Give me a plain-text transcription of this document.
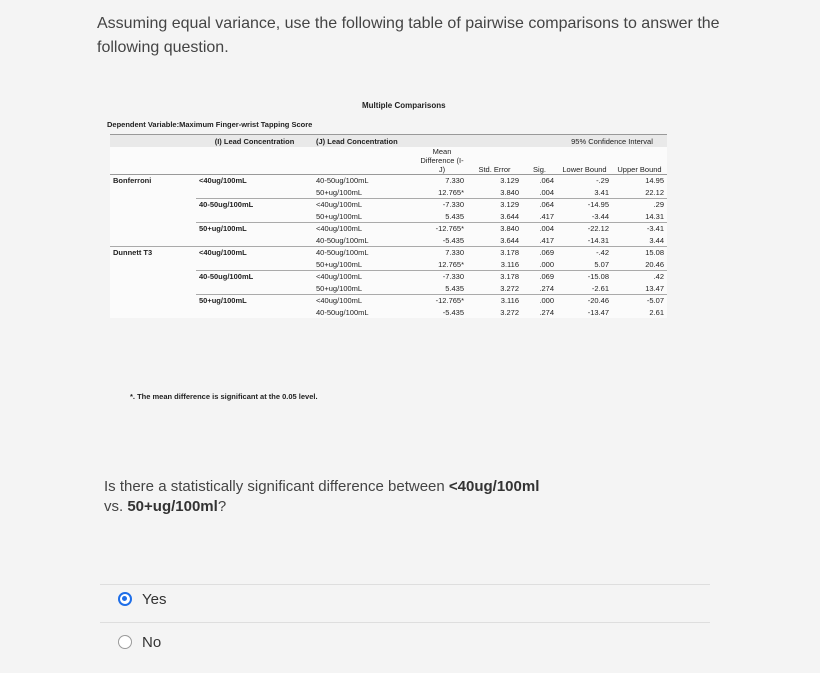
Assuming equal variance, use the following table of pairwise comparisons to answer the following question.
Multiple Comparisons
Dependent Variable:Maximum Finger-wrist Tapping Score
	(I) Lead Concentration	(J) Lead Concentration				95% Confidence Interval	
			Mean Difference (I-J)	Std. Error	Sig.	Lower Bound	Upper Bound
Bonferroni	<40ug/100mL	40-50ug/100mL	7.330	3.129	.064	-.29	14.95
		50+ug/100mL	12.765*	3.840	.004	3.41	22.12
	40-50ug/100mL	<40ug/100mL	-7.330	3.129	.064	-14.95	.29
		50+ug/100mL	5.435	3.644	.417	-3.44	14.31
	50+ug/100mL	<40ug/100mL	-12.765*	3.840	.004	-22.12	-3.41
		40-50ug/100mL	-5.435	3.644	.417	-14.31	3.44
Dunnett T3	<40ug/100mL	40-50ug/100mL	7.330	3.178	.069	-.42	15.08
		50+ug/100mL	12.765*	3.116	.000	5.07	20.46
	40-50ug/100mL	<40ug/100mL	-7.330	3.178	.069	-15.08	.42
		50+ug/100mL	5.435	3.272	.274	-2.61	13.47
	50+ug/100mL	<40ug/100mL	-12.765*	3.116	.000	-20.46	-5.07
		40-50ug/100mL	-5.435	3.272	.274	-13.47	2.61
*. The mean difference is significant at the 0.05 level.
Is there a statistically significant difference between <40ug/100ml
vs. 50+ug/100ml?
Yes
No
